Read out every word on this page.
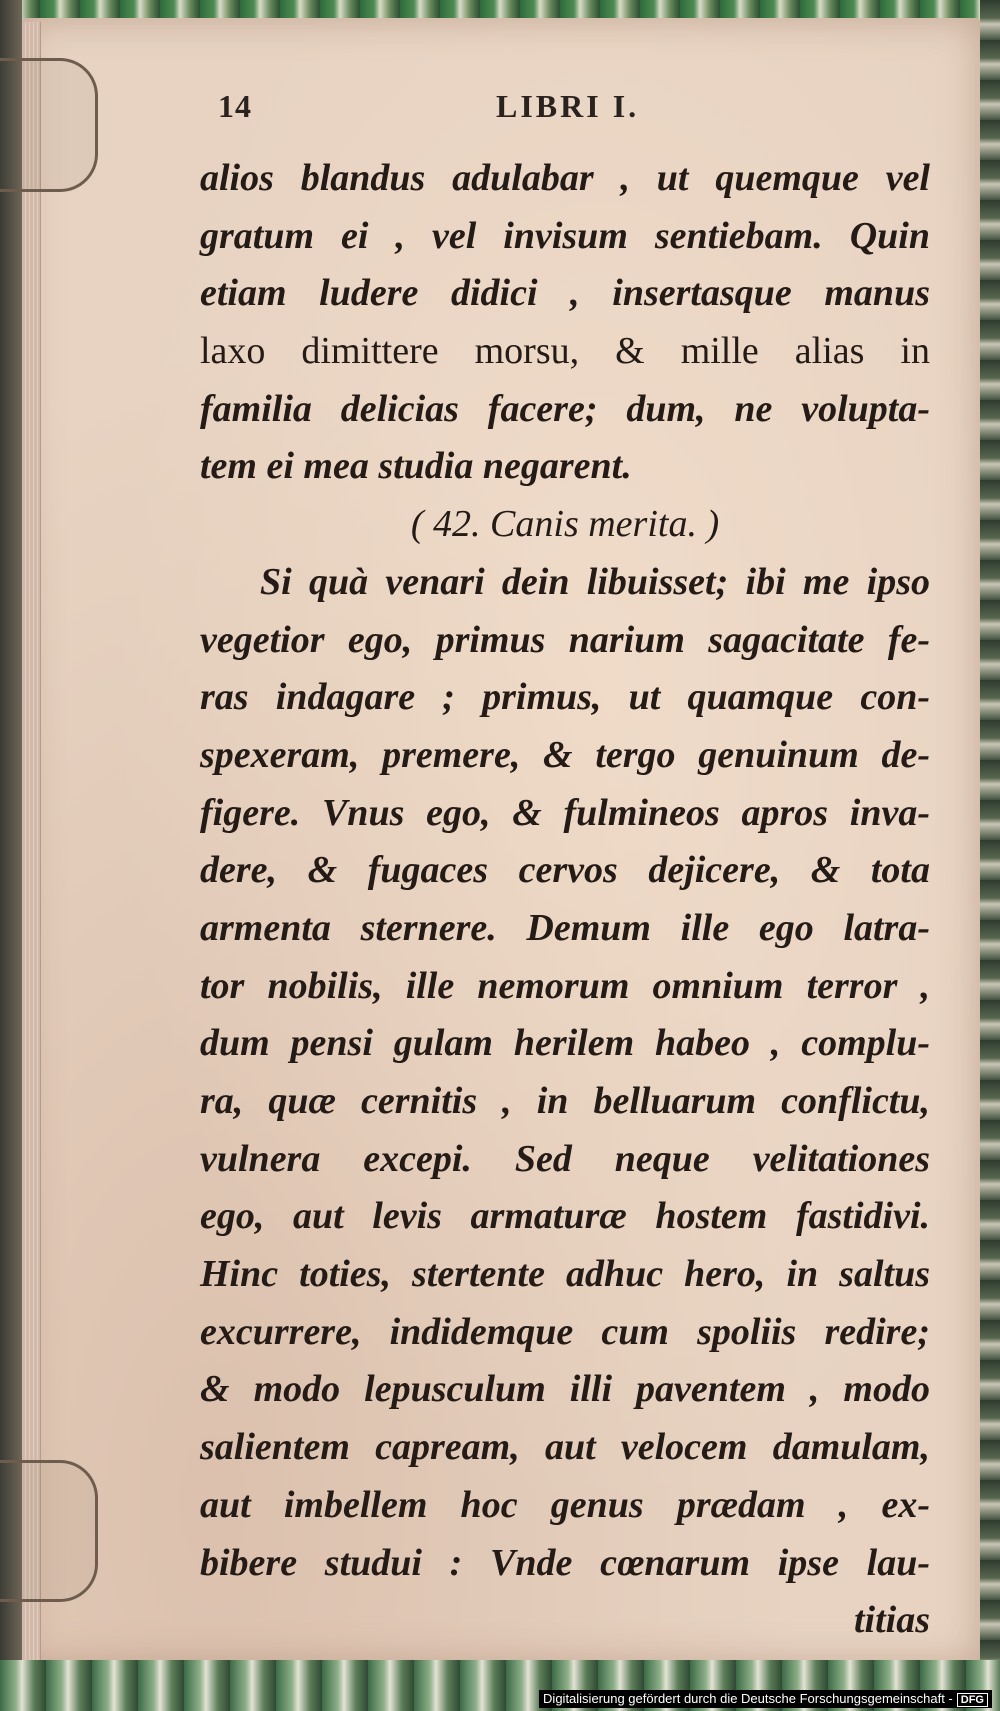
14	LIBRI I.
alios blandus adulabar , ut quemque vel
gratum ei , vel invisum sentiebam. Quin
etiam ludere didici , insertasque manus
laxo dimittere morsu, & mille alias in
familia delicias facere; dum, ne volupta-
tem ei mea studia negarent.
( 42. Canis merita. )
Si quà venari dein libuisset; ibi me ipso
vegetior ego, primus narium sagacitate fe-
ras indagare ; primus, ut quamque con-
spexeram, premere, & tergo genuinum de-
figere. Vnus ego, & fulmineos apros inva-
dere, & fugaces cervos dejicere, & tota
armenta sternere. Demum ille ego latra-
tor nobilis, ille nemorum omnium terror ,
dum pensi gulam herilem habeo , complu-
ra, quæ cernitis , in belluarum conflictu,
vulnera excepi. Sed neque velitationes
ego, aut levis armaturæ hostem fastidivi.
Hinc toties, stertente adhuc hero, in saltus
excurrere, indidemque cum spoliis redire;
& modo lepusculum illi paventem , modo
salientem capream, aut velocem damulam,
aut imbellem hoc genus prædam , ex-
bibere studui : Vnde cœnarum ipse lau-
titias
Digitalisierung gefördert durch die Deutsche Forschungsgemeinschaft - DFG
